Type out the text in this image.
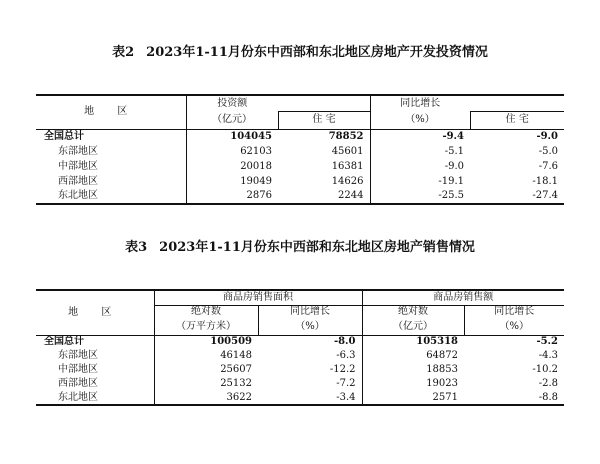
表2 2023年1-11月份东中西部和东北地区房地产开发投资情况
地 区	投资额		同比增长	
	（亿元）	住 宅	（%）	住 宅
全国总计	104045	78852	-9.4	-9.0
东部地区	62103	45601	-5.1	-5.0
中部地区	20018	16381	-9.0	-7.6
西部地区	19049	14626	-19.1	-18.1
东北地区	2876	2244	-25.5	-27.4
表3 2023年1-11月份东中西部和东北地区房地产销售情况
地 区	商品房销售面积		商品房销售额	
	绝对数	同比增长	绝对数	同比增长
	（万平方米）	（%）	（亿元）	（%）
全国总计	100509	-8.0	105318	-5.2
东部地区	46148	-6.3	64872	-4.3
中部地区	25607	-12.2	18853	-10.2
西部地区	25132	-7.2	19023	-2.8
东北地区	3622	-3.4	2571	-8.8
